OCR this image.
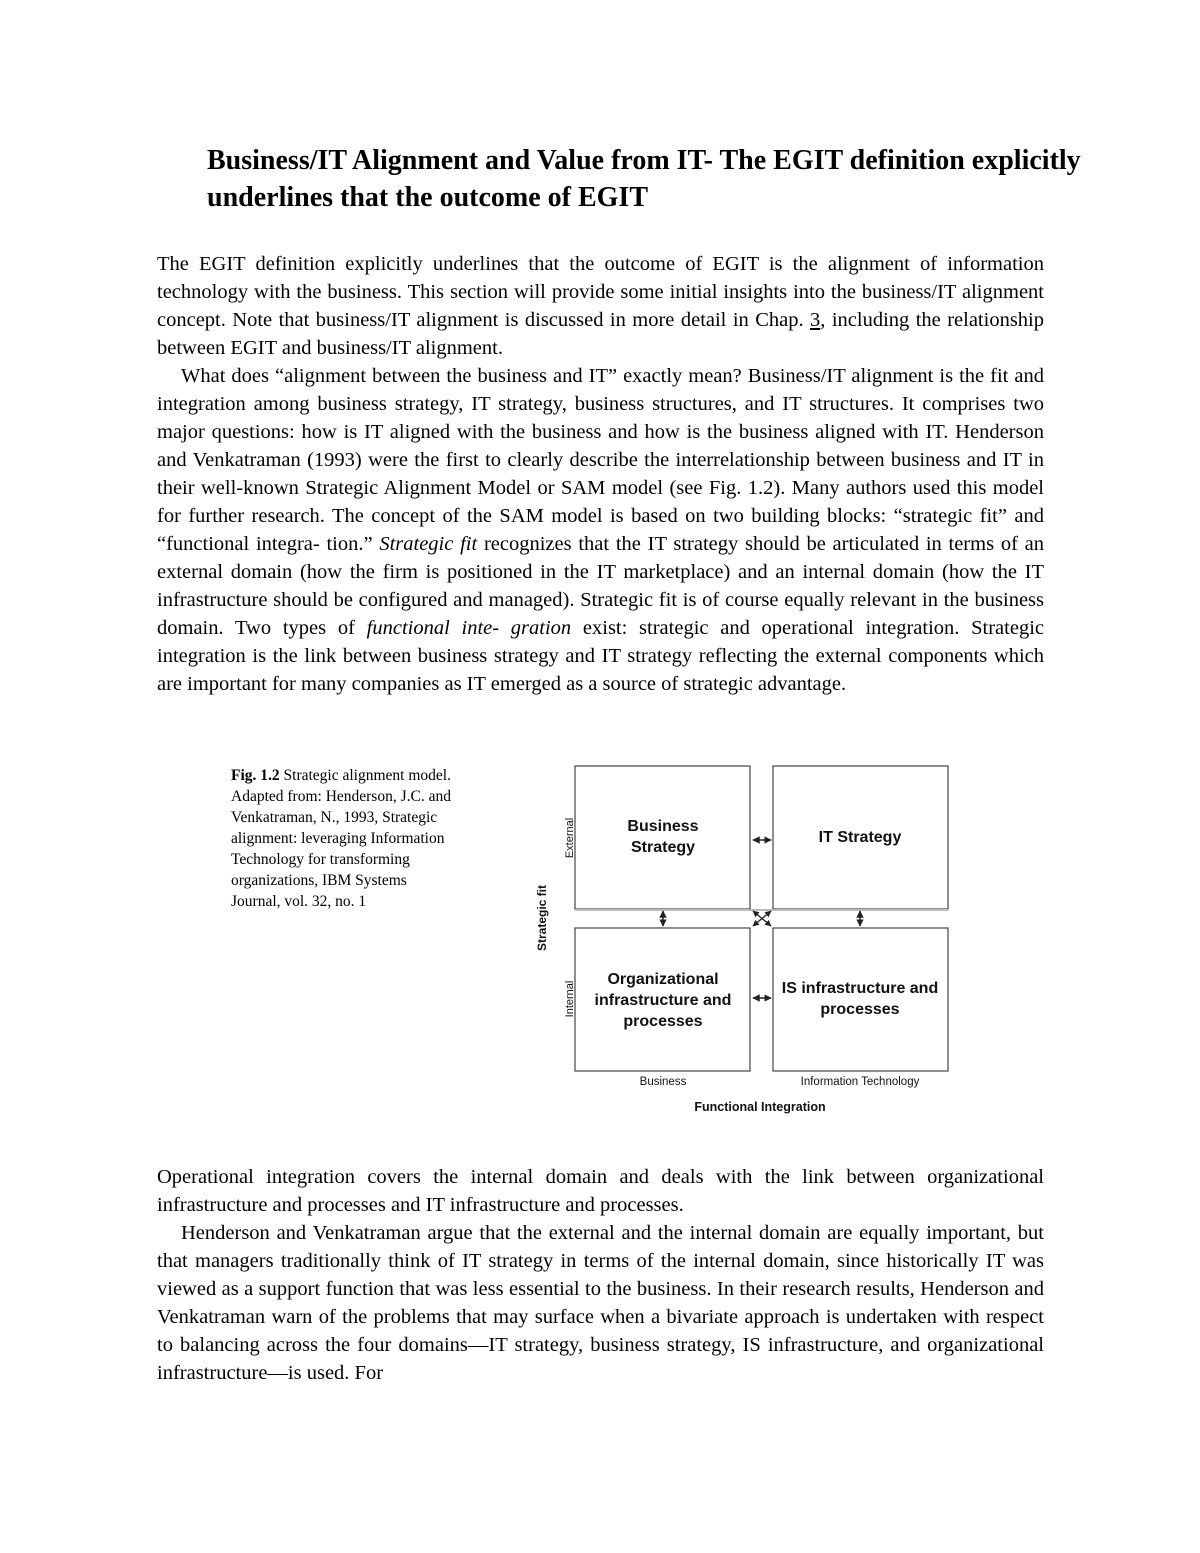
Business/IT Alignment and Value from IT- The EGIT definition explicitly underlines that the outcome of EGIT

The EGIT definition explicitly underlines that the outcome of EGIT is the alignment of information technology with the business. This section will provide some initial insights into the business/IT alignment concept. Note that business/IT alignment is discussed in more detail in Chap. 3, including the relationship between EGIT and business/IT alignment.

What does “alignment between the business and IT” exactly mean? Business/IT alignment is the fit and integration among business strategy, IT strategy, business structures, and IT structures. It comprises two major questions: how is IT aligned with the business and how is the business aligned with IT. Henderson and Venkatraman (1993) were the first to clearly describe the interrelationship between business and IT in their well-known Strategic Alignment Model or SAM model (see Fig. 1.2). Many authors used this model for further research. The concept of the SAM model is based on two building blocks: “strategic fit” and “functional integra- tion.” Strategic fit recognizes that the IT strategy should be articulated in terms of an external domain (how the firm is positioned in the IT marketplace) and an internal domain (how the IT infrastructure should be configured and managed). Strategic fit is of course equally relevant in the business domain. Two types of functional inte- gration exist: strategic and operational integration. Strategic integration is the link between business strategy and IT strategy reflecting the external components which are important for many companies as IT emerged as a source of strategic advantage.

Fig. 1.2 Strategic alignment model. Adapted from: Henderson, J.C. and Venkatraman, N., 1993, Strategic alignment: leveraging Information Technology for transforming organizations, IBM Systems Journal, vol. 32, no. 1
Business
Strategy
IT Strategy
Organizational
infrastructure and
processes
IS infrastructure and
processes
External
Internal
Strategic fit
Business	Information Technology
Functional Integration

Operational integration covers the internal domain and deals with the link between organizational infrastructure and processes and IT infrastructure and processes.

Henderson and Venkatraman argue that the external and the internal domain are equally important, but that managers traditionally think of IT strategy in terms of the internal domain, since historically IT was viewed as a support function that was less essential to the business. In their research results, Henderson and Venkatraman warn of the problems that may surface when a bivariate approach is undertaken with respect to balancing across the four domains—IT strategy, business strategy, IS infrastructure, and organizational infrastructure—is used. For
